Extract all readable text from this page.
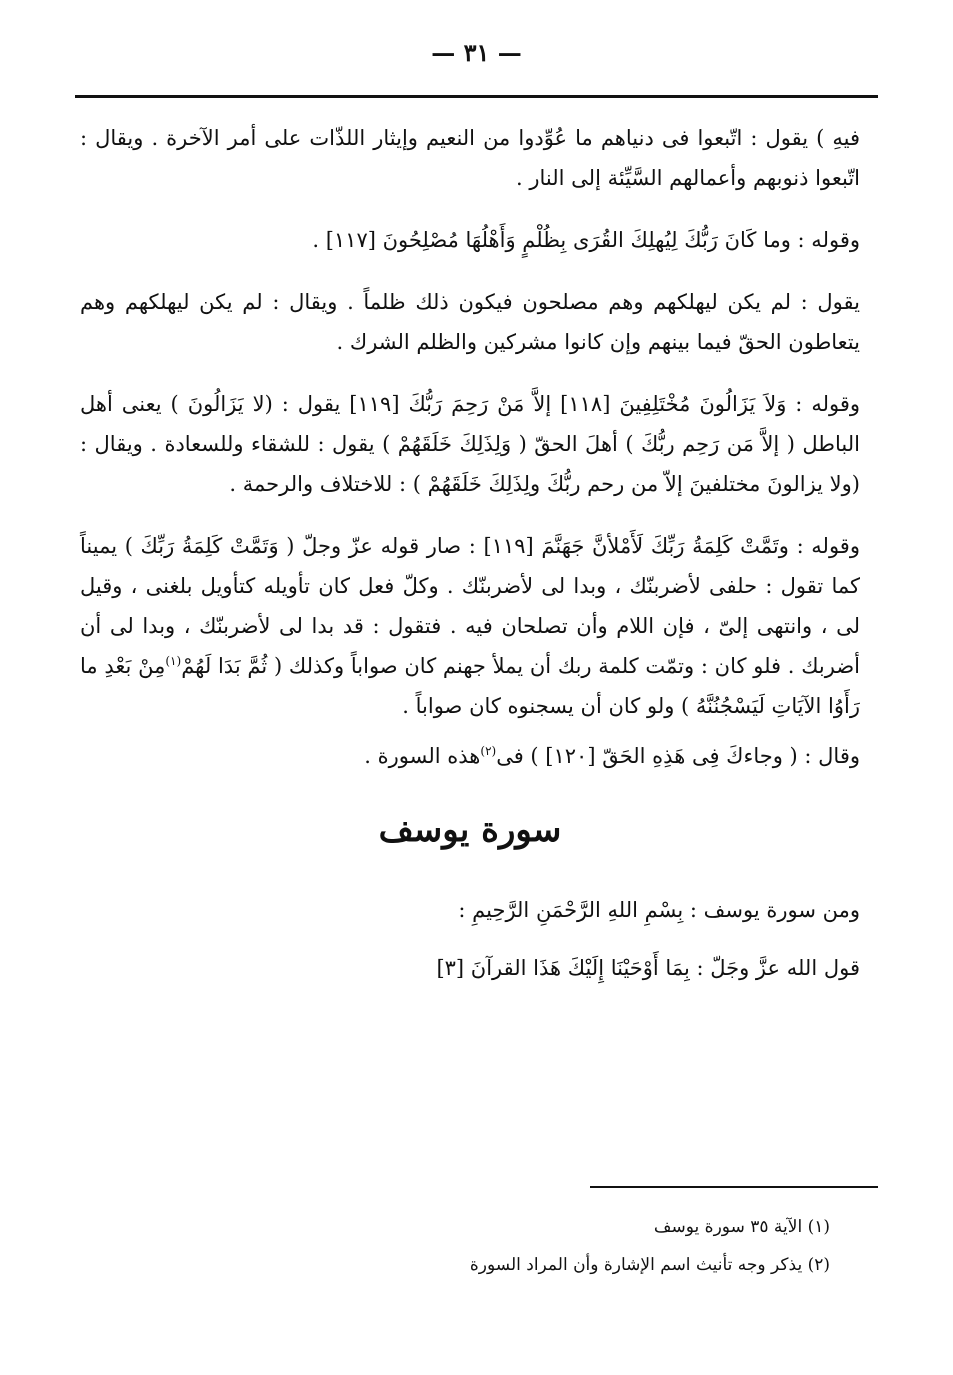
— ٣١ —

فيهِ ) يقول : اتّبعوا فى دنياهم ما عُوِّدوا من النعيم وإيثار اللذّات على أمر الآخرة . ويقال : اتّبعوا ذنوبهم وأعمالهم السَّيِّئة إلى النار .

وقوله : وما كَانَ رَبُّكَ لِيُهلِكَ القُرَى بِظُلْمٍ وَأَهْلُهَا مُصْلِحُونَ [١١٧] .

يقول : لم يكن ليهلكهم وهم مصلحون فيكون ذلك ظلماً . ويقال : لم يكن ليهلكهم وهم يتعاطون الحقّ فيما بينهم وإن كانوا مشركين والظلم الشرك .

وقوله : وَلاَ يَزَالُونَ مُخْتَلِفِينَ [١١٨] إلاَّ مَنْ رَحِمَ رَبُّكَ [١١٩] يقول : (لا يَزَالُونَ ) يعنى أهل الباطل ( إلاَّ مَن رَحِم ربُّكَ ) أهلَ الحقّ ( وَلِذَلِكَ خَلَقَهُمْ ) يقول : للشقاء وللسعادة . ويقال : (ولا يزالونَ مختلفينَ إلاّ من رحم ربُّكَ ولِذَلِكَ خَلَقَهُمْ ) : للاختلاف والرحمة .

وقوله : وتَمَّتْ كَلِمَةُ رَبِّكَ لَأَمْلأنَّ جَهَنَّمَ [١١٩] : صار قوله عزّ وجلّ ( وَتَمَّتْ كَلِمَةُ رَبِّكَ ) يميناً كما تقول : حلفى لأضربنّك ، وبدا لى لأضربنّك . وكلّ فعل كان تأويله كتأويل بلغنى ، وقيل لى ، وانتهى إلىّ ، فإن اللام وأن تصلحان فيه . فتقول : قد بدا لى لأضربنّك ، وبدا لى أن أضربك . فلو كان : وتمّت كلمة ربك أن يملأ جهنم كان صواباً وكذلك ( ثُمَّ بَدَا لَهُمْ$^{(١)}$مِنْ بَعْدِ ما رَأَوُا الآيَاتِ لَيَسْجُنُنَّهُ ) ولو كان أن يسجنوه كان صواباً .

وقال : ( وجاءكَ فِى هَذِهِ الحَقّ [١٢٠] ) فى$^{(٢)}$هذه السورة .

سورة يوسف
ومن سورة يوسف : بِسْمِ اللهِ الرَّحْمَنِ الرَّحِيمِ :
قول الله عزَّ وجَلّ : بِمَا أَوْحَيْنَا إِلَيْكَ هَذَا القرآنَ [٣]
(١) الآية ٣٥ سورة يوسف
(٢) يذكر وجه تأنيث اسم الإشارة وأن المراد السورة
